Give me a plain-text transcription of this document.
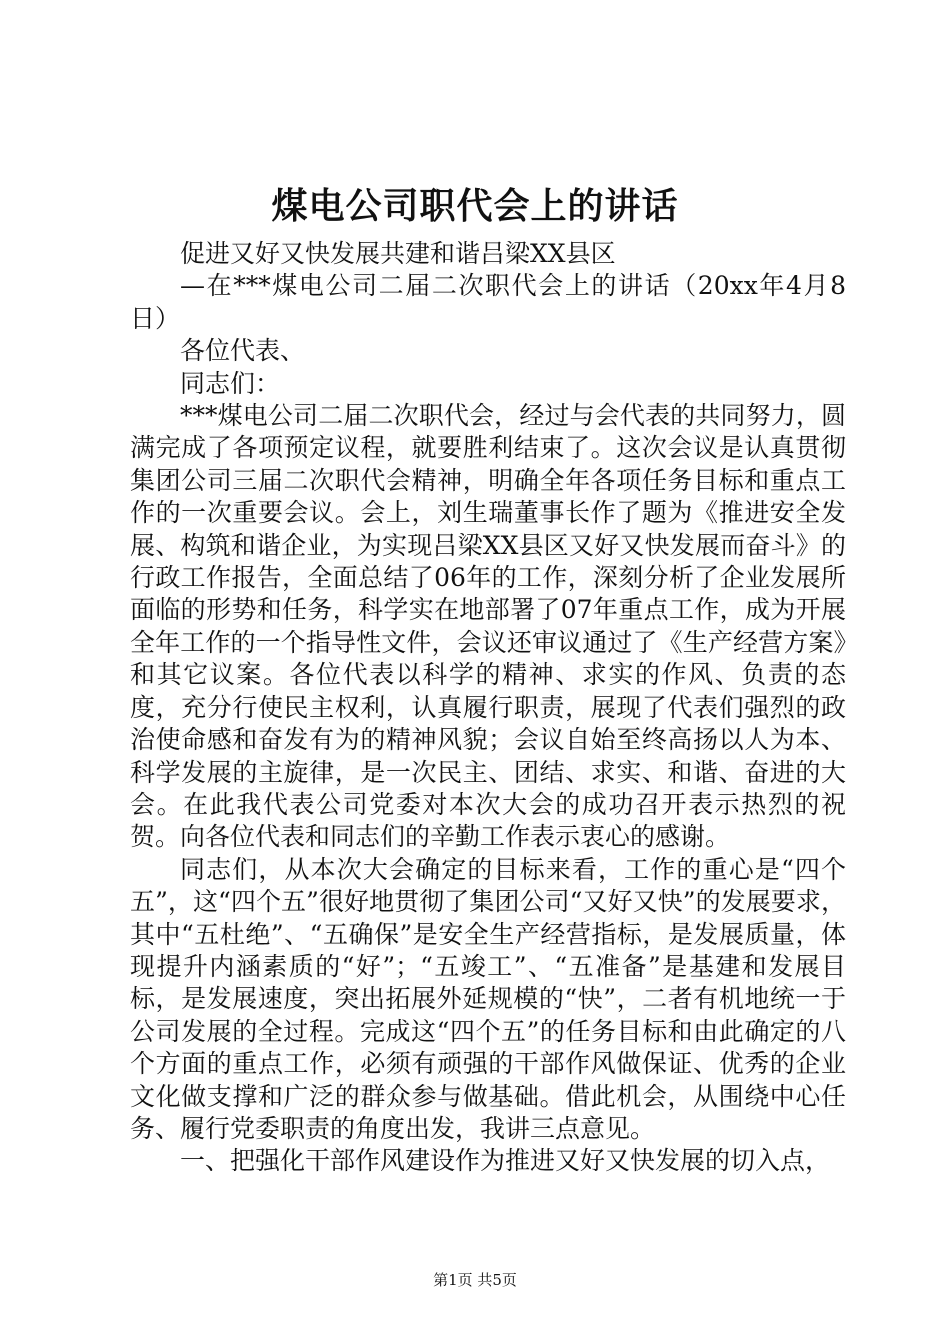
煤电公司职代会上的讲话

促进又好又快发展共建和谐吕梁XX县区

—在***煤电公司二届二次职代会上的讲话（20xx年4月8日）

各位代表、

同志们：

***煤电公司二届二次职代会，经过与会代表的共同努力，圆满完成了各项预定议程，就要胜利结束了。这次会议是认真贯彻集团公司三届二次职代会精神，明确全年各项任务目标和重点工作的一次重要会议。会上，刘生瑞董事长作了题为《推进安全发展、构筑和谐企业，为实现吕梁XX县区又好又快发展而奋斗》的行政工作报告，全面总结了06年的工作，深刻分析了企业发展所面临的形势和任务，科学实在地部署了07年重点工作，成为开展全年工作的一个指导性文件，会议还审议通过了《生产经营方案》和其它议案。各位代表以科学的精神、求实的作风、负责的态度，充分行使民主权利，认真履行职责，展现了代表们强烈的政治使命感和奋发有为的精神风貌；会议自始至终高扬以人为本、科学发展的主旋律，是一次民主、团结、求实、和谐、奋进的大会。在此我代表公司党委对本次大会的成功召开表示热烈的祝贺。向各位代表和同志们的辛勤工作表示衷心的感谢。

同志们，从本次大会确定的目标来看，工作的重心是“四个五”，这“四个五”很好地贯彻了集团公司“又好又快”的发展要求，其中“五杜绝”、“五确保”是安全生产经营指标，是发展质量，体现提升内涵素质的“好”；“五竣工”、“五准备”是基建和发展目标，是发展速度，突出拓展外延规模的“快”，二者有机地统一于公司发展的全过程。完成这“四个五”的任务目标和由此确定的八个方面的重点工作，必须有顽强的干部作风做保证、优秀的企业文化做支撑和广泛的群众参与做基础。借此机会，从围绕中心任务、履行党委职责的角度出发，我讲三点意见。

一、把强化干部作风建设作为推进又好又快发展的切入点，

第1页 共5页
